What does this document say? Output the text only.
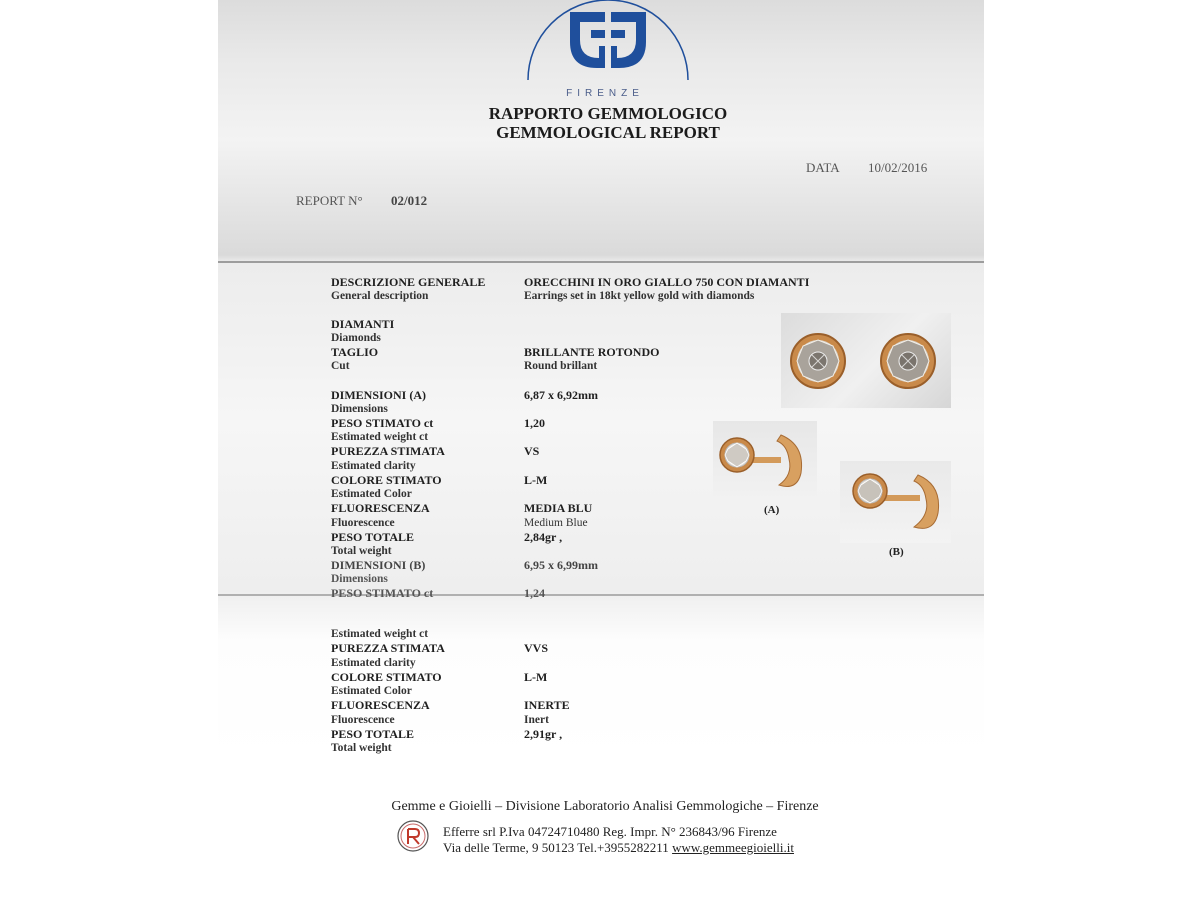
FIRENZE
RAPPORTO GEMMOLOGICO
GEMMOLOGICAL REPORT
DATA 10/02/2016
REPORT N° 02/012
DESCRIZIONE GENERALE
General description
ORECCHINI IN ORO GIALLO 750 CON DIAMANTI
Earrings set in 18kt yellow gold with diamonds
DIAMANTI
Diamonds
TAGLIO
Cut
BRILLANTE ROTONDO
Round brillant
DIMENSIONI (A)
Dimensions
6,87 x 6,92mm
PESO STIMATO ct
Estimated weight ct
1,20
PUREZZA STIMATA
Estimated clarity
VS
COLORE STIMATO
Estimated Color
L-M
FLUORESCENZA
Fluorescence
MEDIA BLU
Medium Blue
PESO TOTALE
Total weight
2,84gr ,
DIMENSIONI (B)
Dimensions
6,95 x 6,99mm
PESO STIMATO ct	1,24
Estimated weight ct
PUREZZA STIMATA
Estimated clarity
VVS
COLORE STIMATO
Estimated Color
L-M
FLUORESCENZA
Fluorescence
INERTE
Inert
PESO TOTALE
Total weight
2,91gr ,
(A)
(B)
Gemme e Gioielli – Divisione Laboratorio Analisi Gemmologiche – Firenze
Efferre srl P.Iva 04724710480 Reg. Impr. N° 236843/96 Firenze
Via delle Terme, 9 50123 Tel.+3955282211 www.gemmeegioielli.it
